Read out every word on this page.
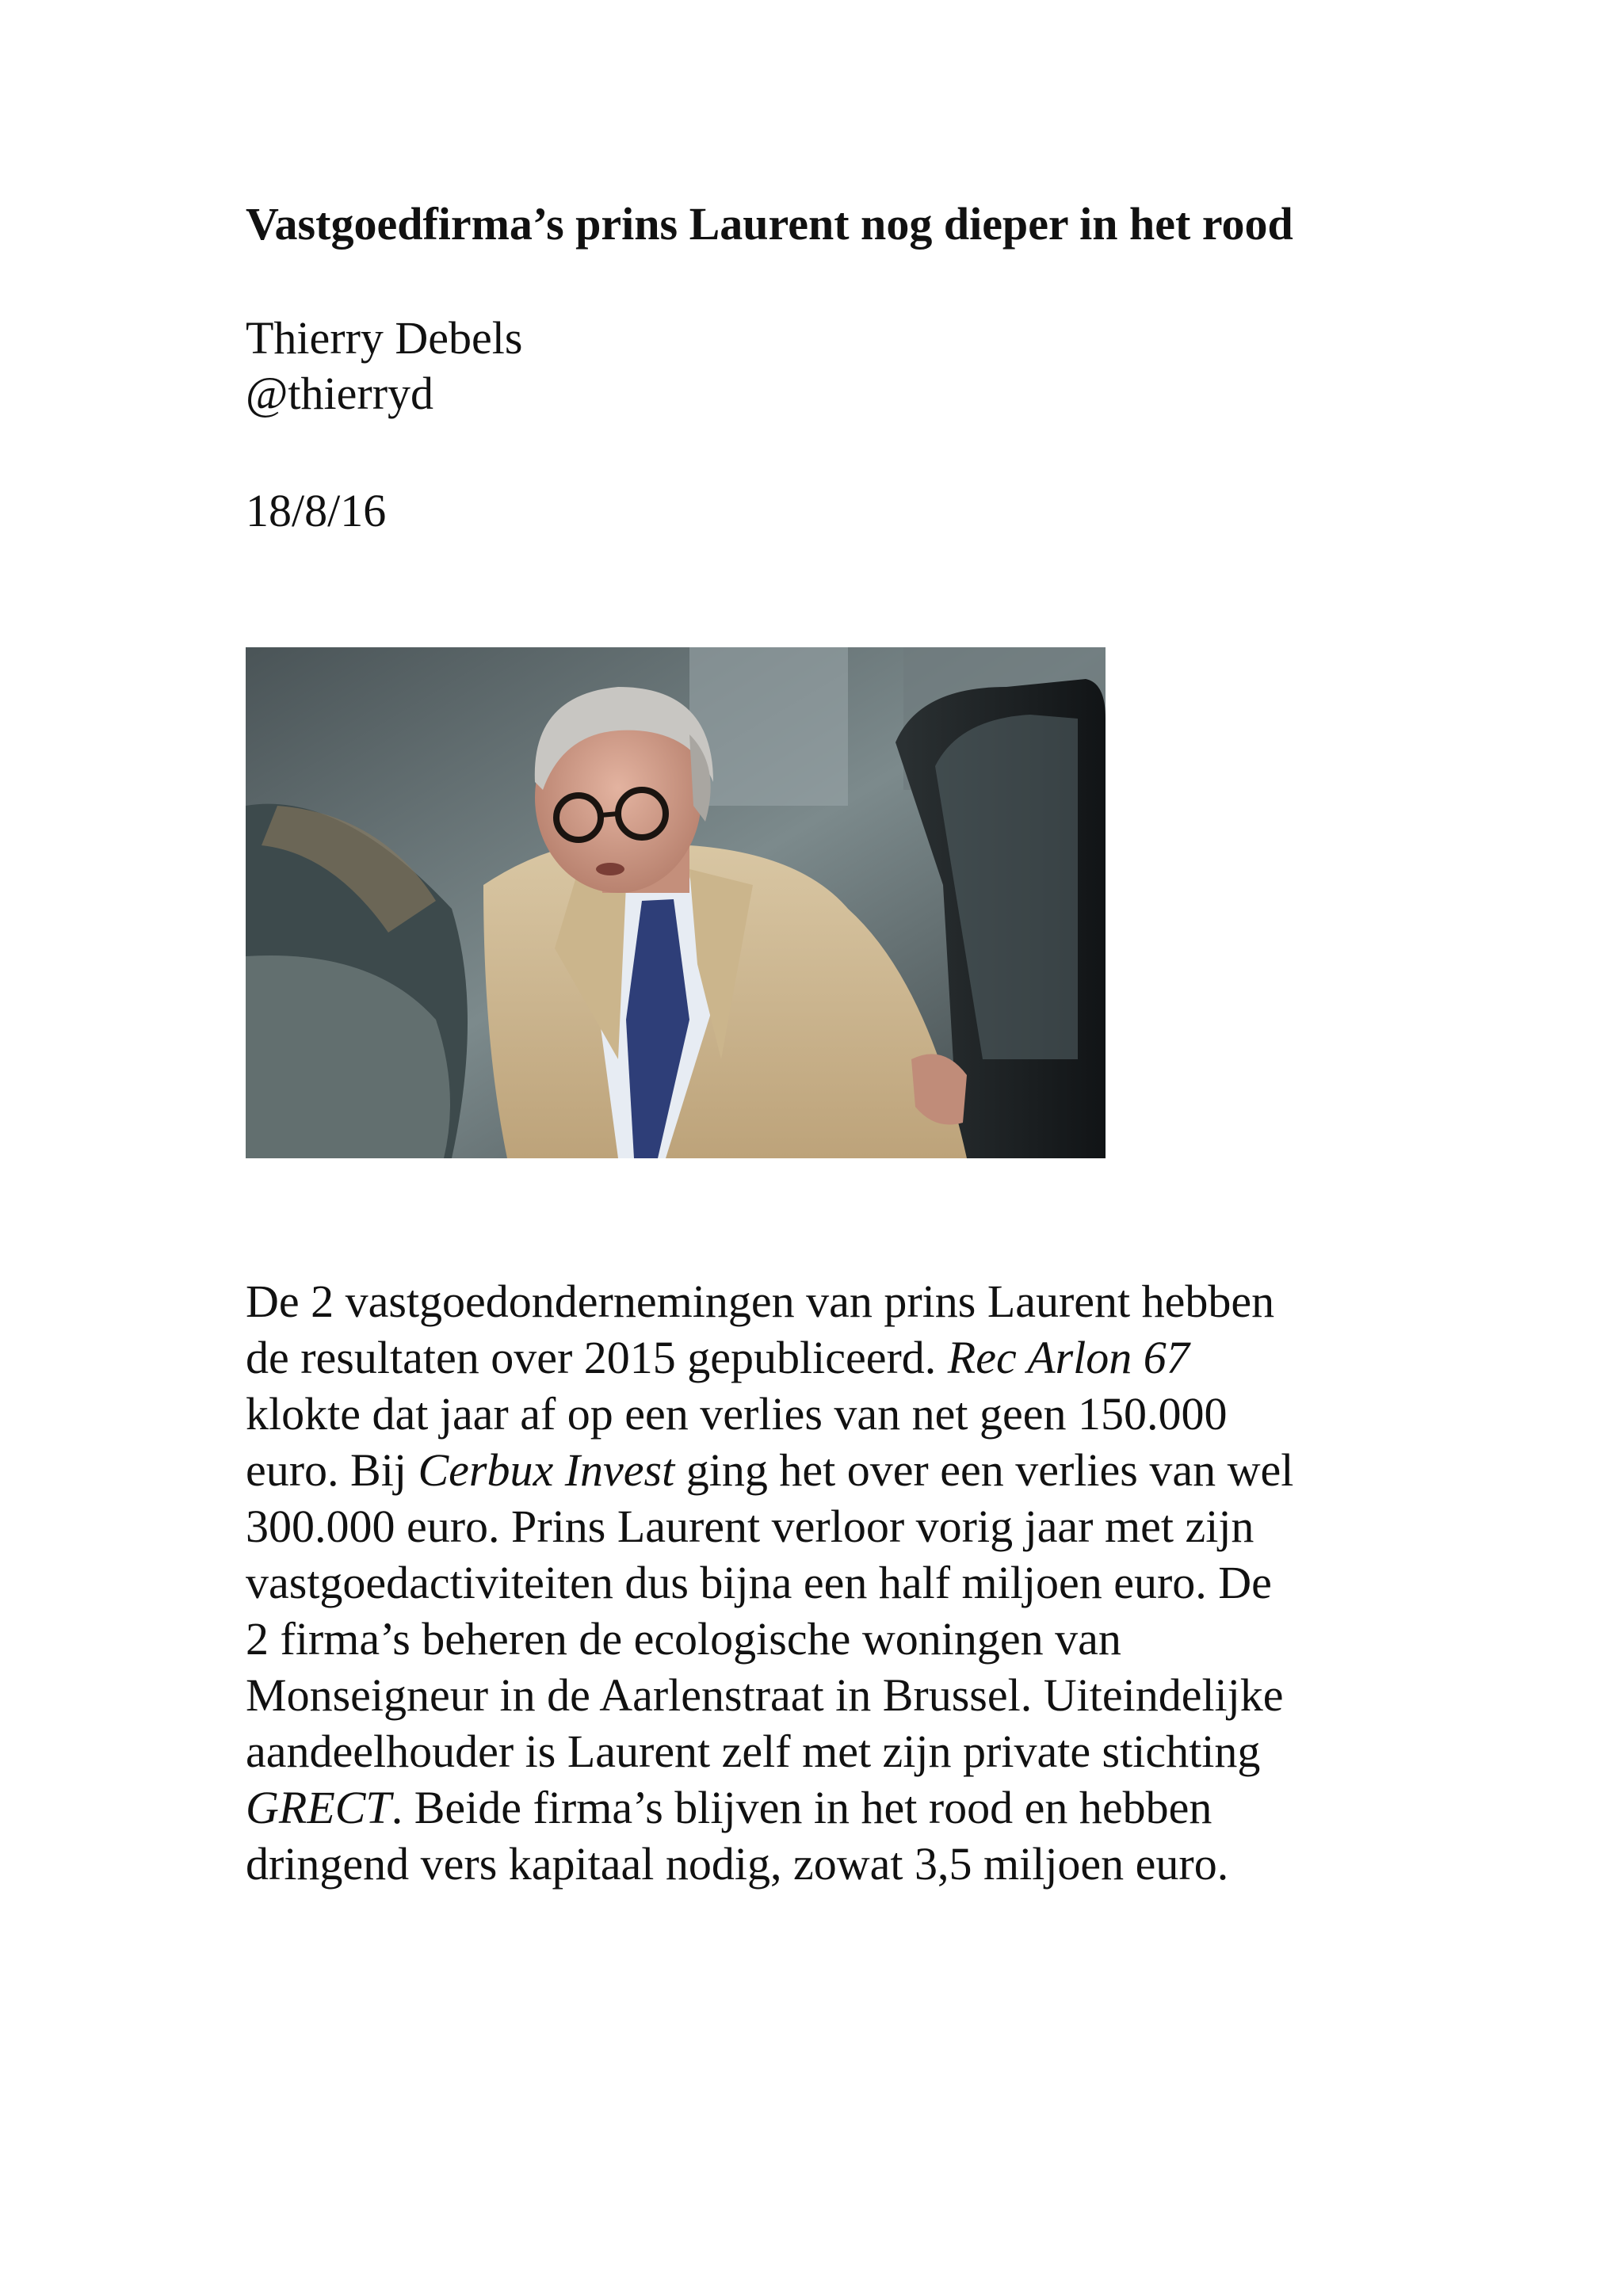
Vastgoedfirma’s prins Laurent nog dieper in het rood
Thierry Debels
@thierryd
18/8/16
De 2 vastgoedondernemingen van prins Laurent hebben
de resultaten over 2015 gepubliceerd. Rec Arlon 67
klokte dat jaar af op een verlies van net geen 150.000
euro. Bij Cerbux Invest ging het over een verlies van wel
300.000 euro. Prins Laurent verloor vorig jaar met zijn
vastgoedactiviteiten dus bijna een half miljoen euro. De
2 firma’s beheren de ecologische woningen van
Monseigneur in de Aarlenstraat in Brussel. Uiteindelijke
aandeelhouder is Laurent zelf met zijn private stichting
GRECT. Beide firma’s blijven in het rood en hebben
dringend vers kapitaal nodig, zowat 3,5 miljoen euro.
